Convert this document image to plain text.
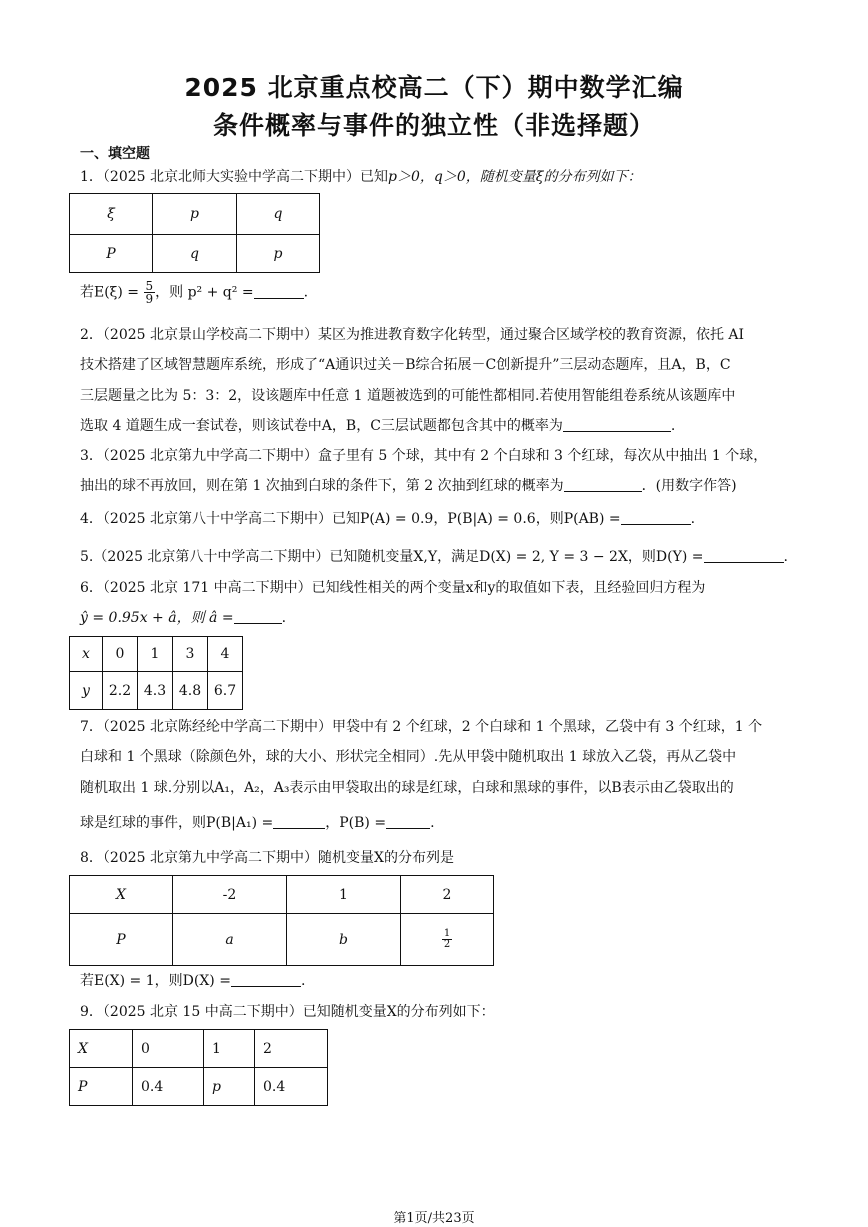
2025 北京重点校高二（下）期中数学汇编
条件概率与事件的独立性（非选择题）
一、填空题
1．（2025 北京北师大实验中学高二下期中）已知p＞0，q＞0，随机变量ξ的分布列如下：
ξ	p	q
P	q	p
若$E(\xi) = \frac{5}{9}$ ，则 p² + q² =	.
2．（2025 北京景山学校高二下期中）某区为推进教育数字化转型，通过聚合区域学校的教育资源，依托 AI
技术搭建了区域智慧题库系统，形成了“A通识过关－B综合拓展－C创新提升”三层动态题库，且A，B，C
三层题量之比为 5：3：2，设该题库中任意 1 道题被选到的可能性都相同.若使用智能组卷系统从该题库中
选取 4 道题生成一套试卷，则该试卷中A，B，C三层试题都包含其中的概率为	.
3．（2025 北京第九中学高二下期中）盒子里有 5 个球，其中有 2 个白球和 3 个红球，每次从中抽出 1 个球，
抽出的球不再放回，则在第 1 次抽到白球的条件下，第 2 次抽到红球的概率为	．(用数字作答)
4．（2025 北京第八十中学高二下期中）已知P(A) = 0.9，P(B|A) = 0.6，则P(AB) =	.
5.（2025 北京第八十中学高二下期中）已知随机变量X,Y，满足D(X) = 2, Y = 3 − 2X，则D(Y) =	.
6．（2025 北京 171 中高二下期中）已知线性相关的两个变量x和y的取值如下表，且经验回归方程为
ŷ = 0.95x + â，则 â =	.
x	0	1	3	4
y	2.2	4.3	4.8	6.7
7．（2025 北京陈经纶中学高二下期中）甲袋中有 2 个红球，2 个白球和 1 个黑球，乙袋中有 3 个红球，1 个
白球和 1 个黑球（除颜色外，球的大小、形状完全相同）.先从甲袋中随机取出 1 球放入乙袋，再从乙袋中
随机取出 1 球.分别以A₁，A₂，A₃表示由甲袋取出的球是红球，白球和黑球的事件，以B表示由乙袋取出的
球是红球的事件，则P(B|A₁) =	，P(B) =	.
8．（2025 北京第九中学高二下期中）随机变量X的分布列是
X	-2	1	2
P	a	b	$\frac{1}{2}$
若E(X) = 1，则D(X) =	.
9．（2025 北京 15 中高二下期中）已知随机变量X的分布列如下：
X	0	1	2
P	0.4	p	0.4
第1页/共23页
